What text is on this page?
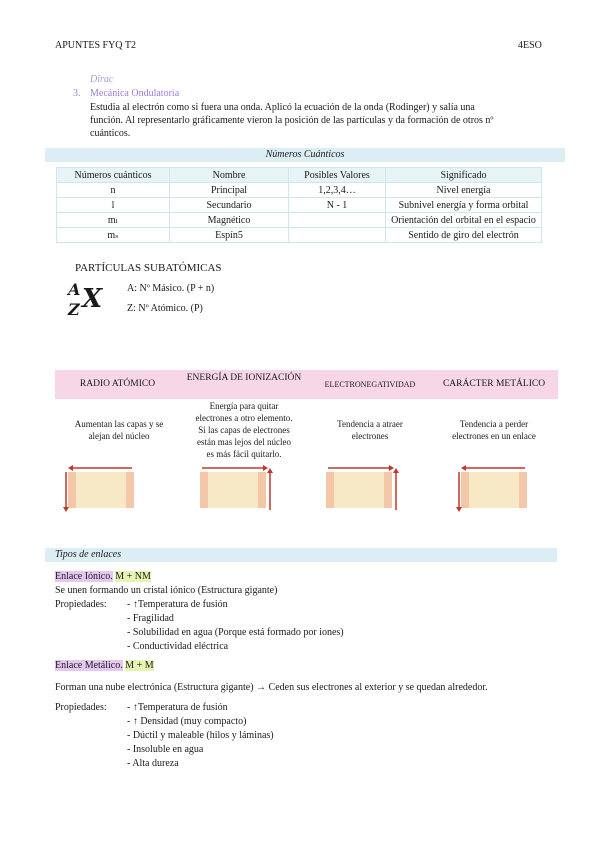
APUNTES FYQ T2	4ESO
Dirac
3. Mecánica Ondulatoria
Estudia al electrón como si fuera una onda. Aplicó la ecuación de la onda (Rodinger) y salía una
función. Al representarlo gráficamente vieron la posición de las partículas y da formación de otros nº
cuánticos.
Números Cuánticos
Números cuánticos	Nombre	Posibles Valores	Significado
n	Principal	1,2,3,4…	Nivel energía
l	Secundario	N - 1	Subnivel energía y forma orbital
mₗ	Magnético		Orientación del orbital en el espacio
mₛ	Espín5		Sentido de giro del electrón
PARTÍCULAS SUBATÓMICAS
A
Z X A: Nº Másico. (P + n)
Z: Nº Atómico. (P)
RADIO ATÓMICO
ENERGÍA DE IONIZACIÓN
ELECTRONEGATIVIDAD	CARÁCTER METÁLICO
Aumentan las capas y se
alejan del núcleo
Energía para quitar
electrones a otro elemento.
Si las capas de electrones
están mas lejos del núcleo
es más fácil quitarlo.
Tendencia a atraer
electrones
Tendencia a perder
electrones en un enlace
Tipos de enlaces
Enlace Iónico. M + NM
Se unen formando un cristal iónico (Estructura gigante)
Propiedades: - ↑Temperatura de fusión
- Fragilidad
- Solubilidad en agua (Porque está formado por iones)
- Conductividad eléctrica
Enlace Metálico. M + M
Forman una nube electrónica (Estructura gigante) → Ceden sus electrones al exterior y se quedan alrededor.
Propiedades: - ↑Temperatura de fusión
- ↑ Densidad (muy compacto)
- Dúctil y maleable (hilos y láminas)
- Insoluble en agua
- Alta dureza
